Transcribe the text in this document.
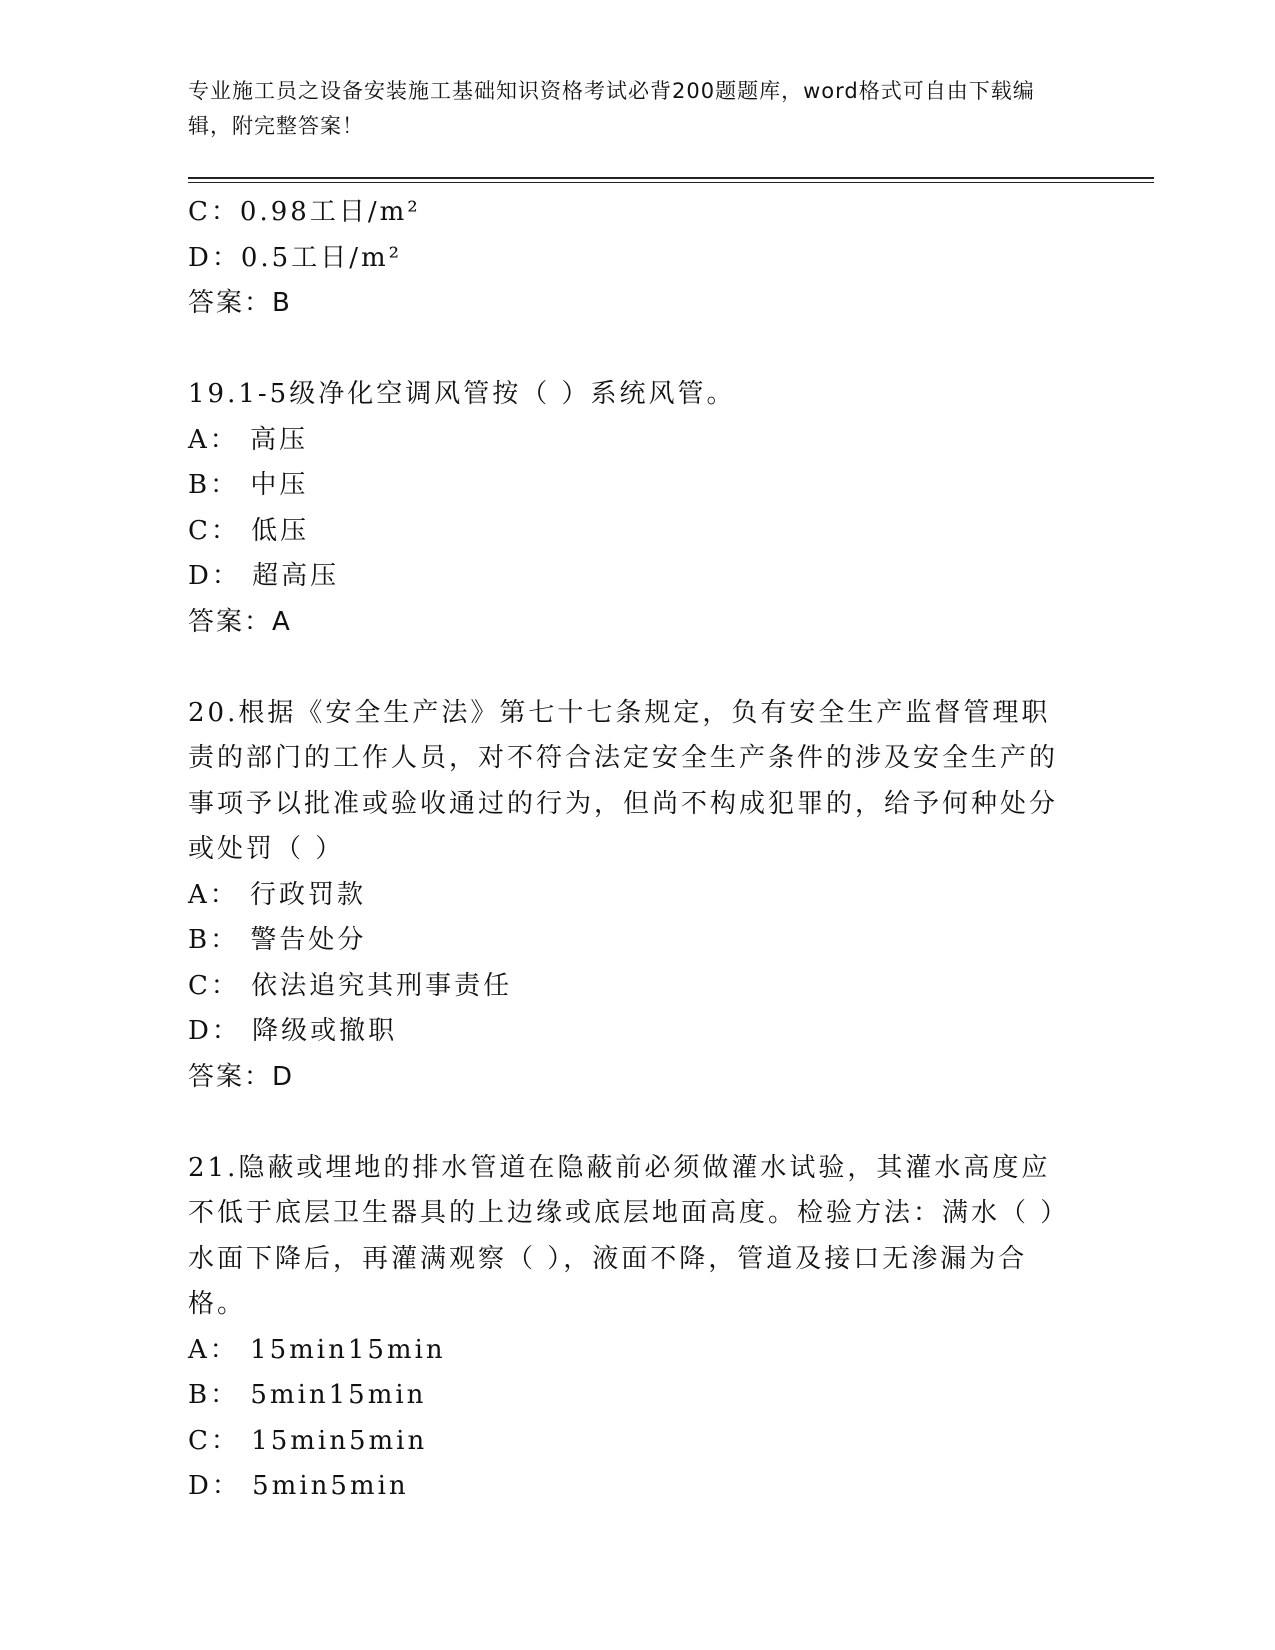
专业施工员之设备安装施工基础知识资格考试必背200题题库，word格式可自由下载编辑，附完整答案！
C：0.98工日/m²
D：0.5工日/m²
答案：B
19.1-5级净化空调风管按（ ）系统风管。
A： 高压
B： 中压
C： 低压
D： 超高压
答案：A
20.根据《安全生产法》第七十七条规定，负有安全生产监督管理职责的部门的工作人员，对不符合法定安全生产条件的涉及安全生产的事项予以批准或验收通过的行为，但尚不构成犯罪的，给予何种处分或处罚（ ）
A： 行政罚款
B： 警告处分
C： 依法追究其刑事责任
D： 降级或撤职
答案：D
21.隐蔽或埋地的排水管道在隐蔽前必须做灌水试验，其灌水高度应不低于底层卫生器具的上边缘或底层地面高度。检验方法：满水（ ）水面下降后，再灌满观察（ ），液面不降，管道及接口无渗漏为合格。
A： 15min15min
B： 5min15min
C： 15min5min
D： 5min5min
